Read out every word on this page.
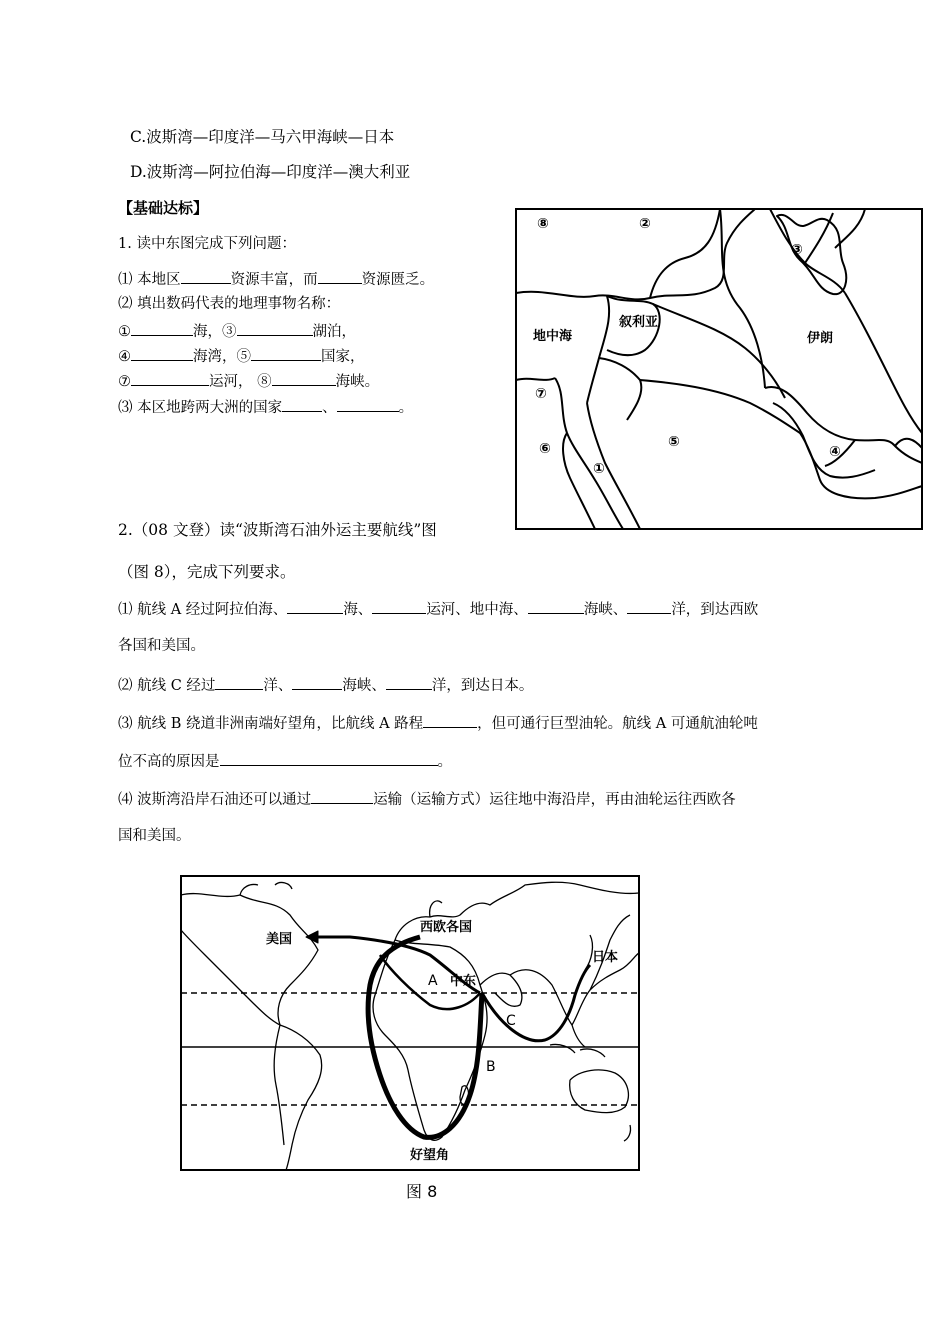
C.波斯湾—印度洋—马六甲海峡—日本
D.波斯湾—阿拉伯海—印度洋—澳大利亚
【基础达标】
1. 读中东图完成下列问题：
⑴ 本地区	资源丰富，而	资源匮乏。
⑵ 填出数码代表的地理事物名称：
①	海，③	湖泊，
④	海湾，⑤	国家，
⑦	运河， ⑧	海峡。
⑶ 本区地跨两大洲的国家	、	。
⑧	②
③
地中海
叙利亚
伊朗
⑦
⑥	⑤
①
④
2.（08 文登）读“波斯湾石油外运主要航线”图
（图 8），完成下列要求。
⑴ 航线 A 经过阿拉伯海、	海、	运河、地中海、	海峡、	洋，到达西欧
各国和美国。
⑵ 航线 C 经过	洋、	海峡、	洋，到达日本。
⑶ 航线 B 绕道非洲南端好望角，比航线 A 路程	，但可通行巨型油轮。航线 A 可通航油轮吨
位不高的原因是	。
⑷ 波斯湾沿岸石油还可以通过	运输（运输方式）运往地中海沿岸，再由油轮运往西欧各
国和美国。
美国
西欧各国
中东
日本
A
B
C
好望角
图 8
